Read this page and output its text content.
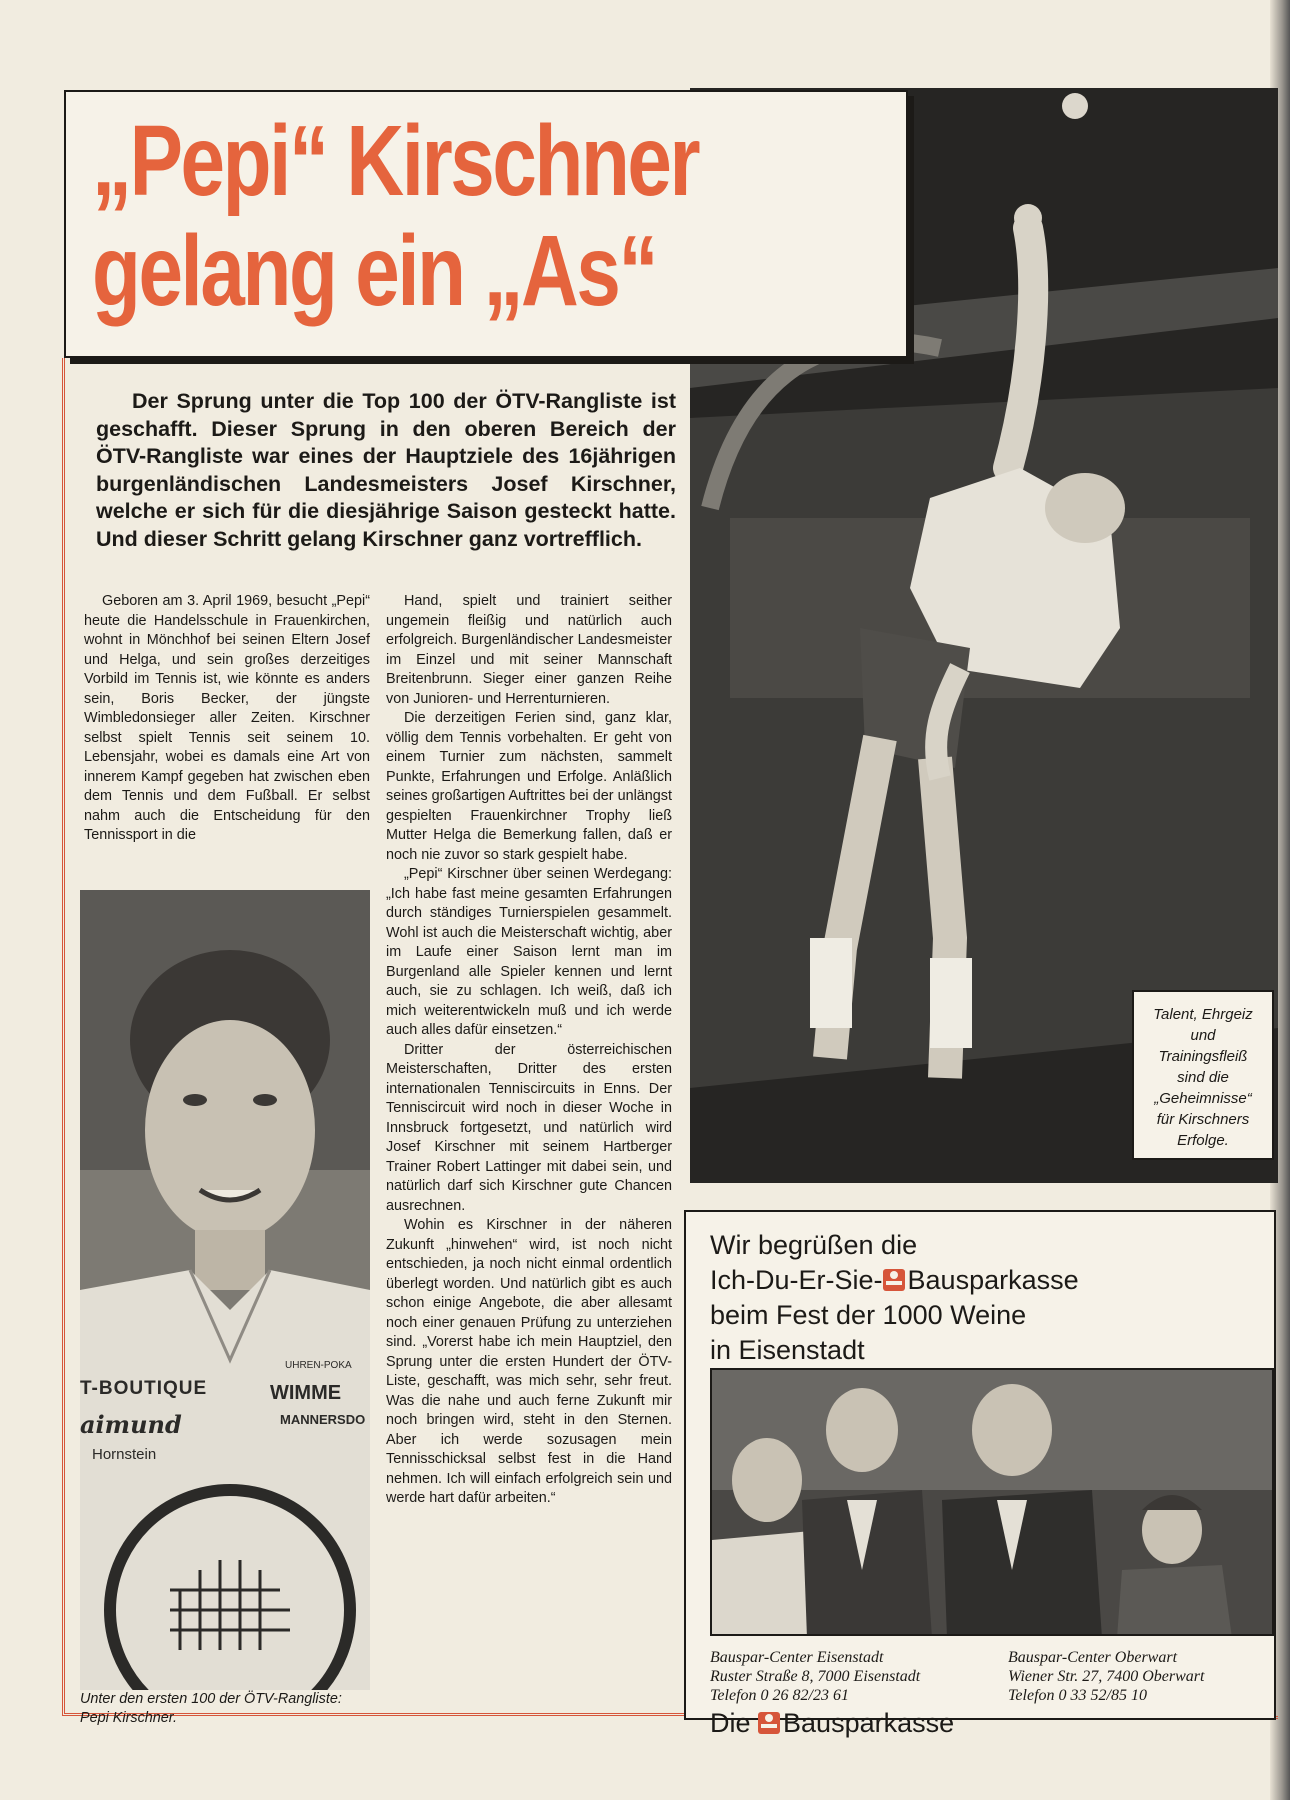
„Pepi“ Kirschner
gelang ein „As“
Talent, Ehrgeiz und Trainingsfleiß sind die „Geheimnisse“ für Kirschners Erfolge.
Der Sprung unter die Top 100 der ÖTV-Rangliste ist geschafft. Dieser Sprung in den oberen Bereich der ÖTV-Rangliste war eines der Hauptziele des 16jährigen burgenländischen Landesmeisters Josef Kirschner, welche er sich für die diesjährige Saison gesteckt hatte. Und dieser Schritt gelang Kirschner ganz vortrefflich.

Geboren am 3. April 1969, besucht „Pepi“ heute die Handelsschule in Frauenkirchen, wohnt in Mönchhof bei seinen Eltern Josef und Helga, und sein großes derzeitiges Vorbild im Tennis ist, wie könnte es anders sein, Boris Becker, der jüngste Wimbledonsieger aller Zeiten. Kirschner selbst spielt Tennis seit seinem 10. Lebensjahr, wobei es damals eine Art von innerem Kampf gegeben hat zwischen eben dem Tennis und dem Fußball. Er selbst nahm auch die Entscheidung für den Tennissport in die

Hand, spielt und trainiert seither ungemein fleißig und natürlich auch erfolgreich. Burgenländischer Landesmeister im Einzel und mit seiner Mannschaft Breitenbrunn. Sieger einer ganzen Reihe von Junioren- und Herrenturnieren.

Die derzeitigen Ferien sind, ganz klar, völlig dem Tennis vorbehalten. Er geht von einem Turnier zum nächsten, sammelt Punkte, Erfahrungen und Erfolge. Anläßlich seines großartigen Auftrittes bei der unlängst gespielten Frauenkirchner Trophy ließ Mutter Helga die Bemerkung fallen, daß er noch nie zuvor so stark gespielt habe.

„Pepi“ Kirschner über seinen Werdegang: „Ich habe fast meine gesamten Erfahrungen durch ständiges Turnierspielen gesammelt. Wohl ist auch die Meisterschaft wichtig, aber im Laufe einer Saison lernt man im Burgenland alle Spieler kennen und lernt auch, sie zu schlagen. Ich weiß, daß ich mich weiterentwickeln muß und ich werde auch alles dafür einsetzen.“

Dritter der österreichischen Meisterschaften, Dritter des ersten internationalen Tenniscircuits in Enns. Der Tenniscircuit wird noch in dieser Woche in Innsbruck fortgesetzt, und natürlich wird Josef Kirschner mit seinem Hartberger Trainer Robert Lattinger mit dabei sein, und natürlich darf sich Kirschner gute Chancen ausrechnen.

Wohin es Kirschner in der näheren Zukunft „hinwehen“ wird, ist noch nicht entschieden, ja noch nicht einmal ordentlich überlegt worden. Und natürlich gibt es auch schon einige Angebote, die aber allesamt noch einer genauen Prüfung zu unterziehen sind. „Vorerst habe ich mein Hauptziel, den Sprung unter die ersten Hundert der ÖTV-Liste, geschafft, was mich sehr, sehr freut. Was die nahe und auch ferne Zukunft mir noch bringen wird, steht in den Sternen. Aber ich werde sozusagen mein Tennisschicksal selbst fest in die Hand nehmen. Ich will einfach erfolgreich sein und werde hart dafür arbeiten.“

T-BOUTIQUE
aimund
Hornstein
UHREN-POKA
WIMME
MANNERSDO
Unter den ersten 100 der ÖTV-Rangliste: Pepi Kirschner.
Wir begrüßen die
Ich-Du-Er-Sie- Bausparkasse
beim Fest der 1000 Weine
in Eisenstadt
Bauspar-Center Eisenstadt
Ruster Straße 8, 7000 Eisenstadt
Telefon 0 26 82/23 61
Bauspar-Center Oberwart
Wiener Str. 27, 7400 Oberwart
Telefon 0 33 52/85 10
Die Bausparkasse
